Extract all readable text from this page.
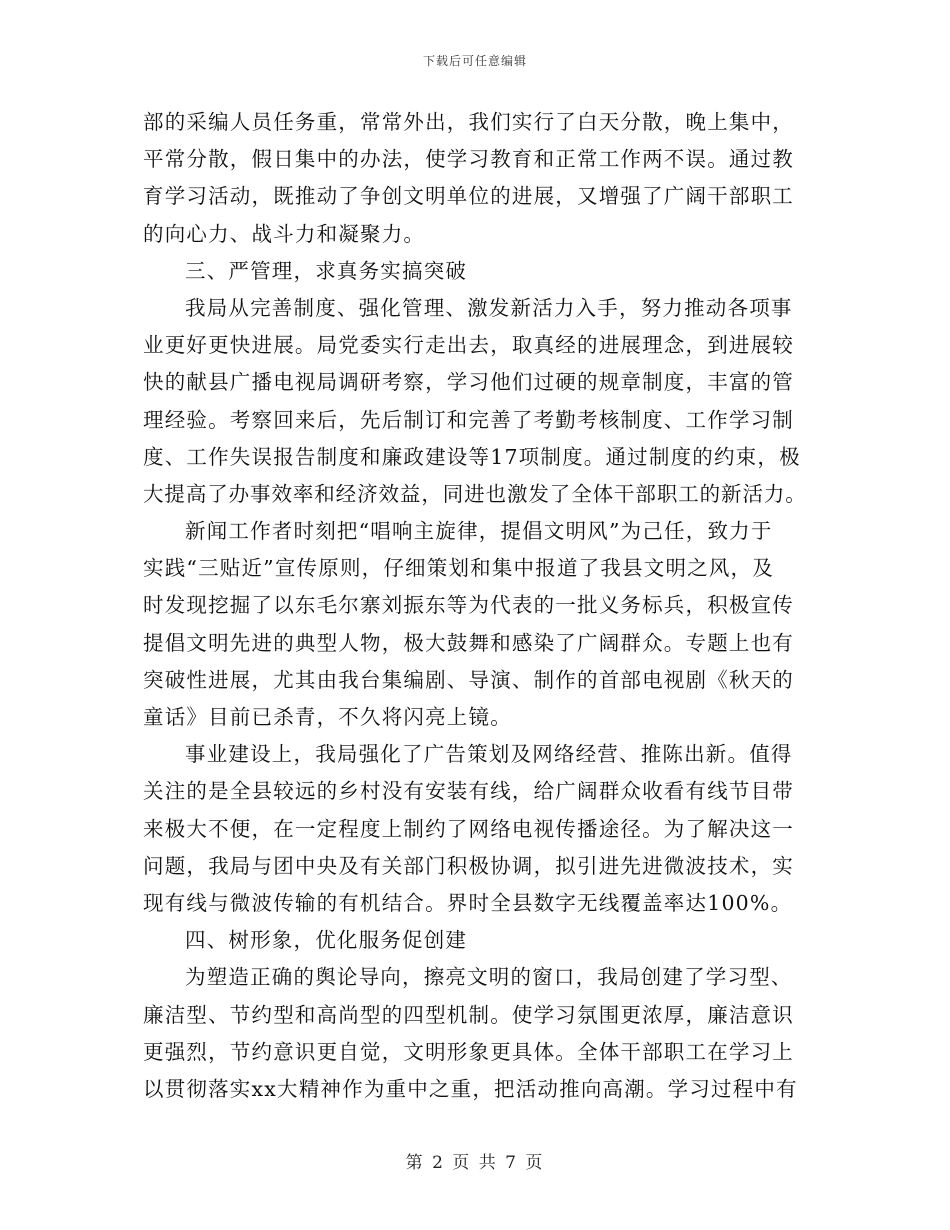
下载后可任意编辑
部的采编人员任务重，常常外出，我们实行了白天分散，晚上集中，
平常分散，假日集中的办法，使学习教育和正常工作两不误。通过教
育学习活动，既推动了争创文明单位的进展，又增强了广阔干部职工
的向心力、战斗力和凝聚力。
三、严管理，求真务实搞突破
我局从完善制度、强化管理、激发新活力入手，努力推动各项事
业更好更快进展。局党委实行走出去，取真经的进展理念，到进展较
快的献县广播电视局调研考察，学习他们过硬的规章制度，丰富的管
理经验。考察回来后，先后制订和完善了考勤考核制度、工作学习制
度、工作失误报告制度和廉政建设等17项制度。通过制度的约束，极
大提高了办事效率和经济效益，同进也激发了全体干部职工的新活力。
新闻工作者时刻把“唱响主旋律，提倡文明风”为己任，致力于
实践“三贴近”宣传原则，仔细策划和集中报道了我县文明之风，及
时发现挖掘了以东毛尔寨刘振东等为代表的一批义务标兵，积极宣传
提倡文明先进的典型人物，极大鼓舞和感染了广阔群众。专题上也有
突破性进展，尤其由我台集编剧、导演、制作的首部电视剧《秋天的
童话》目前已杀青，不久将闪亮上镜。
事业建设上，我局强化了广告策划及网络经营、推陈出新。值得
关注的是全县较远的乡村没有安装有线，给广阔群众收看有线节目带
来极大不便，在一定程度上制约了网络电视传播途径。为了解决这一
问题，我局与团中央及有关部门积极协调，拟引进先进微波技术，实
现有线与微波传输的有机结合。界时全县数字无线覆盖率达100%。
四、树形象，优化服务促创建
为塑造正确的舆论导向，擦亮文明的窗口，我局创建了学习型、
廉洁型、节约型和高尚型的四型机制。使学习氛围更浓厚，廉洁意识
更强烈，节约意识更自觉，文明形象更具体。全体干部职工在学习上
以贯彻落实xx大精神作为重中之重，把活动推向高潮。学习过程中有
第 2 页 共 7 页
